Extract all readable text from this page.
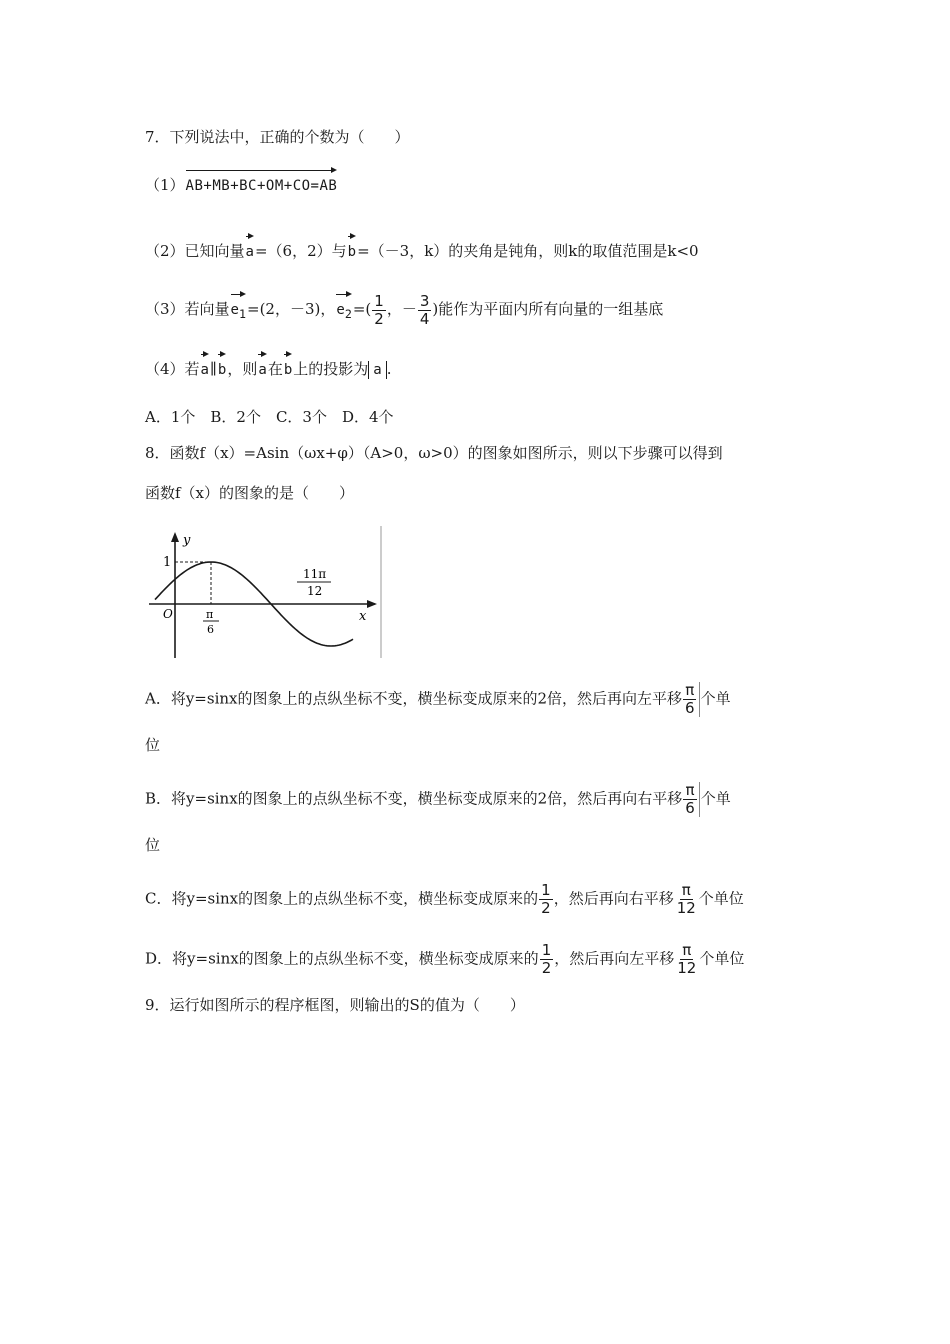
7．下列说法中，正确的个数为（　　）
（1）AB+MB+BC+OM+CO=AB
（2）已知向量a=（6，2）与b=（－3，k）的夹角是钝角，则k的取值范围是k<0
（3）若向量$e_1=(2$，－3)，$e_2=( \frac{1}{2}$ ，－ $\frac{3}{4}$ )能作为平面内所有向量的一组基底
（4）若a∥b，则a在b上的投影为 a .
A．1个　B．2个　C．3个　D．4个
8．函数f（x）=Asin（ωx+φ）（A>0，ω>0）的图象如图所示，则以下步骤可以得到
函数f（x）的图象的是（　　）
y
x
O
1
π
6
11π
12
A．将y=sinx的图象上的点纵坐标不变，横坐标变成原来的2倍，然后再向左平移 $\frac{\pi}{6}$ 个单
位
B．将y=sinx的图象上的点纵坐标不变，横坐标变成原来的2倍，然后再向右平移 $\frac{\pi}{6}$ 个单
位
C．将y=sinx的图象上的点纵坐标不变，横坐标变成原来的 $\frac{1}{2}$ ，然后再向右平移 $\frac{\pi}{12}$ 个单位
D．将y=sinx的图象上的点纵坐标不变，横坐标变成原来的 $\frac{1}{2}$ ，然后再向左平移 $\frac{\pi}{12}$ 个单位
9．运行如图所示的程序框图，则输出的S的值为（　　）
